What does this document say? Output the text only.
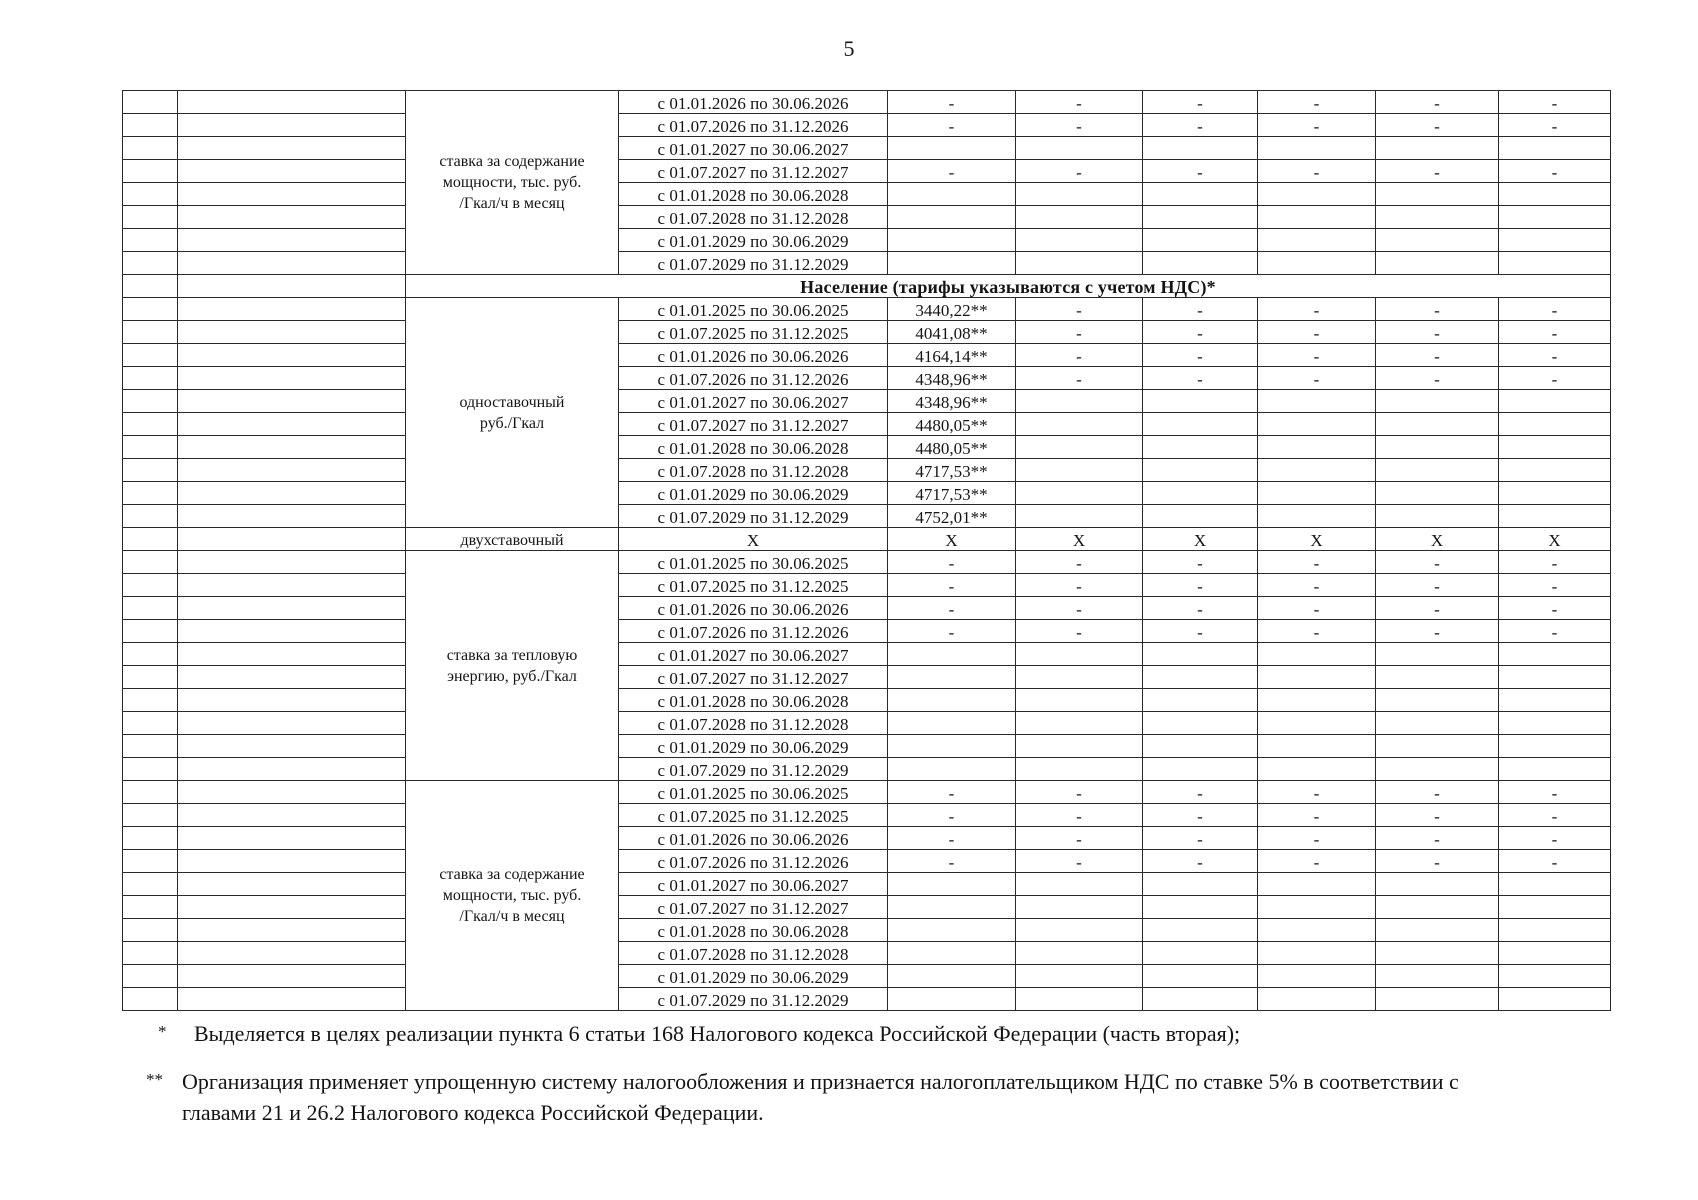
5

		ставка за содержание
мощности, тыс. руб.
/Гкал/ч в месяц	с 01.01.2026 по 30.06.2026	-	-	-	-	-	-
			с 01.07.2026 по 31.12.2026	-	-	-	-	-	-
			с 01.01.2027 по 30.06.2027						
			с 01.07.2027 по 31.12.2027	-	-	-	-	-	-
			с 01.01.2028 по 30.06.2028						
			с 01.07.2028 по 31.12.2028						
			с 01.01.2029 по 30.06.2029						
			с 01.07.2029 по 31.12.2029						
		Население (тарифы указываются с учетом НДС)*							

		одноставочный
руб./Гкал	с 01.01.2025 по 30.06.2025	3440,22**	-	-	-	-	-
			с 01.07.2025 по 31.12.2025	4041,08**	-	-	-	-	-
			с 01.01.2026 по 30.06.2026	4164,14**	-	-	-	-	-
			с 01.07.2026 по 31.12.2026	4348,96**	-	-	-	-	-
			с 01.01.2027 по 30.06.2027	4348,96**					
			с 01.07.2027 по 31.12.2027	4480,05**					
			с 01.01.2028 по 30.06.2028	4480,05**					
			с 01.07.2028 по 31.12.2028	4717,53**					
			с 01.01.2029 по 30.06.2029	4717,53**					
			с 01.07.2029 по 31.12.2029	4752,01**					
		двухставочный	X	X	X	X	X	X	X

		ставка за тепловую
энергию, руб./Гкал	с 01.01.2025 по 30.06.2025	-	-	-	-	-	-
			с 01.07.2025 по 31.12.2025	-	-	-	-	-	-
			с 01.01.2026 по 30.06.2026	-	-	-	-	-	-
			с 01.07.2026 по 31.12.2026	-	-	-	-	-	-
			с 01.01.2027 по 30.06.2027						
			с 01.07.2027 по 31.12.2027						
			с 01.01.2028 по 30.06.2028						
			с 01.07.2028 по 31.12.2028						
			с 01.01.2029 по 30.06.2029						
			с 01.07.2029 по 31.12.2029						

		ставка за содержание
мощности, тыс. руб.
/Гкал/ч в месяц	с 01.01.2025 по 30.06.2025	-	-	-	-	-	-
			с 01.07.2025 по 31.12.2025	-	-	-	-	-	-
			с 01.01.2026 по 30.06.2026	-	-	-	-	-	-
			с 01.07.2026 по 31.12.2026	-	-	-	-	-	-
			с 01.01.2027 по 30.06.2027						
			с 01.07.2027 по 31.12.2027						
			с 01.01.2028 по 30.06.2028						
			с 01.07.2028 по 31.12.2028						
			с 01.01.2029 по 30.06.2029						
			с 01.07.2029 по 31.12.2029						
* Выделяется в целях реализации пункта 6 статьи 168 Налогового кодекса Российской Федерации (часть вторая);
** Организация применяет упрощенную систему налогообложения и признается налогоплательщиком НДС по ставке 5% в соответствии с
главами 21 и 26.2 Налогового кодекса Российской Федерации.
